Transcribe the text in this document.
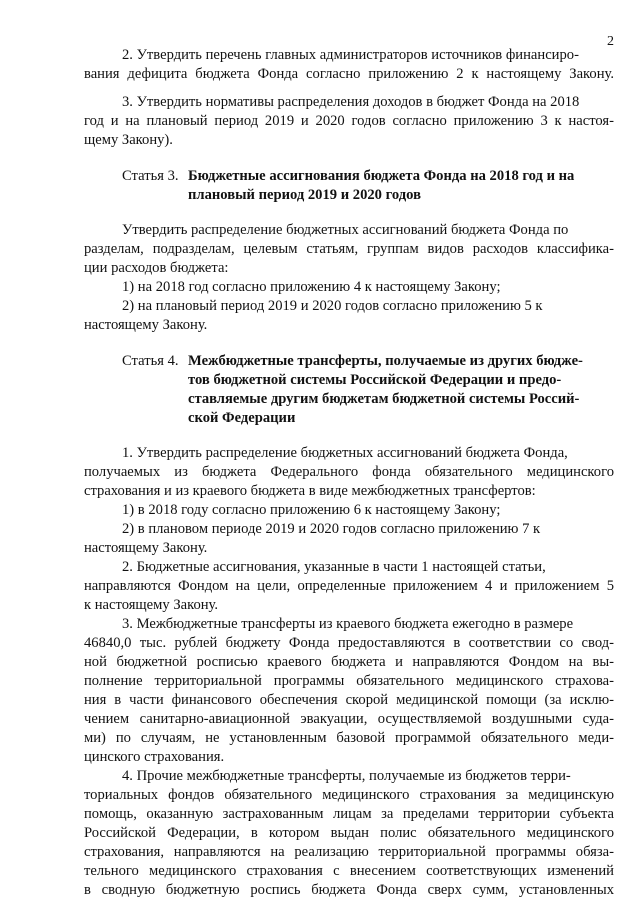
2
2. Утвердить перечень главных администраторов источников финансиро-
вания дефицита бюджета Фонда согласно приложению 2 к настоящему Закону.
3. Утвердить нормативы распределения доходов в бюджет Фонда на 2018
год и на плановый период 2019 и 2020 годов согласно приложению 3 к настоя-
щему Закону).
Статья 3. Бюджетные ассигнования бюджета Фонда на 2018 год и на
плановый период 2019 и 2020 годов
Утвердить распределение бюджетных ассигнований бюджета Фонда по
разделам, подразделам, целевым статьям, группам видов расходов классифика-
ции расходов бюджета:
1) на 2018 год согласно приложению 4 к настоящему Закону;
2) на плановый период 2019 и 2020 годов согласно приложению 5 к
настоящему Закону.
Статья 4. Межбюджетные трансферты, получаемые из других бюдже-
тов бюджетной системы Российской Федерации и предо-
ставляемые другим бюджетам бюджетной системы Россий-
ской Федерации
1. Утвердить распределение бюджетных ассигнований бюджета Фонда,
получаемых из бюджета Федерального фонда обязательного медицинского
страхования и из краевого бюджета в виде межбюджетных трансфертов:
1) в 2018 году согласно приложению 6 к настоящему Закону;
2) в плановом периоде 2019 и 2020 годов согласно приложению 7 к
настоящему Закону.
2. Бюджетные ассигнования, указанные в части 1 настоящей статьи,
направляются Фондом на цели, определенные приложением 4 и приложением 5
к настоящему Закону.
3. Межбюджетные трансферты из краевого бюджета ежегодно в размере
46840,0 тыс. рублей бюджету Фонда предоставляются в соответствии со свод-
ной бюджетной росписью краевого бюджета и направляются Фондом на вы-
полнение территориальной программы обязательного медицинского страхова-
ния в части финансового обеспечения скорой медицинской помощи (за исклю-
чением санитарно-авиационной эвакуации, осуществляемой воздушными суда-
ми) по случаям, не установленным базовой программой обязательного меди-
цинского страхования.
4. Прочие межбюджетные трансферты, получаемые из бюджетов терри-
ториальных фондов обязательного медицинского страхования за медицинскую
помощь, оказанную застрахованным лицам за пределами территории субъекта
Российской Федерации, в котором выдан полис обязательного медицинского
страхования, направляются на реализацию территориальной программы обяза-
тельного медицинского страхования с внесением соответствующих изменений
в сводную бюджетную роспись бюджета Фонда сверх сумм, установленных
